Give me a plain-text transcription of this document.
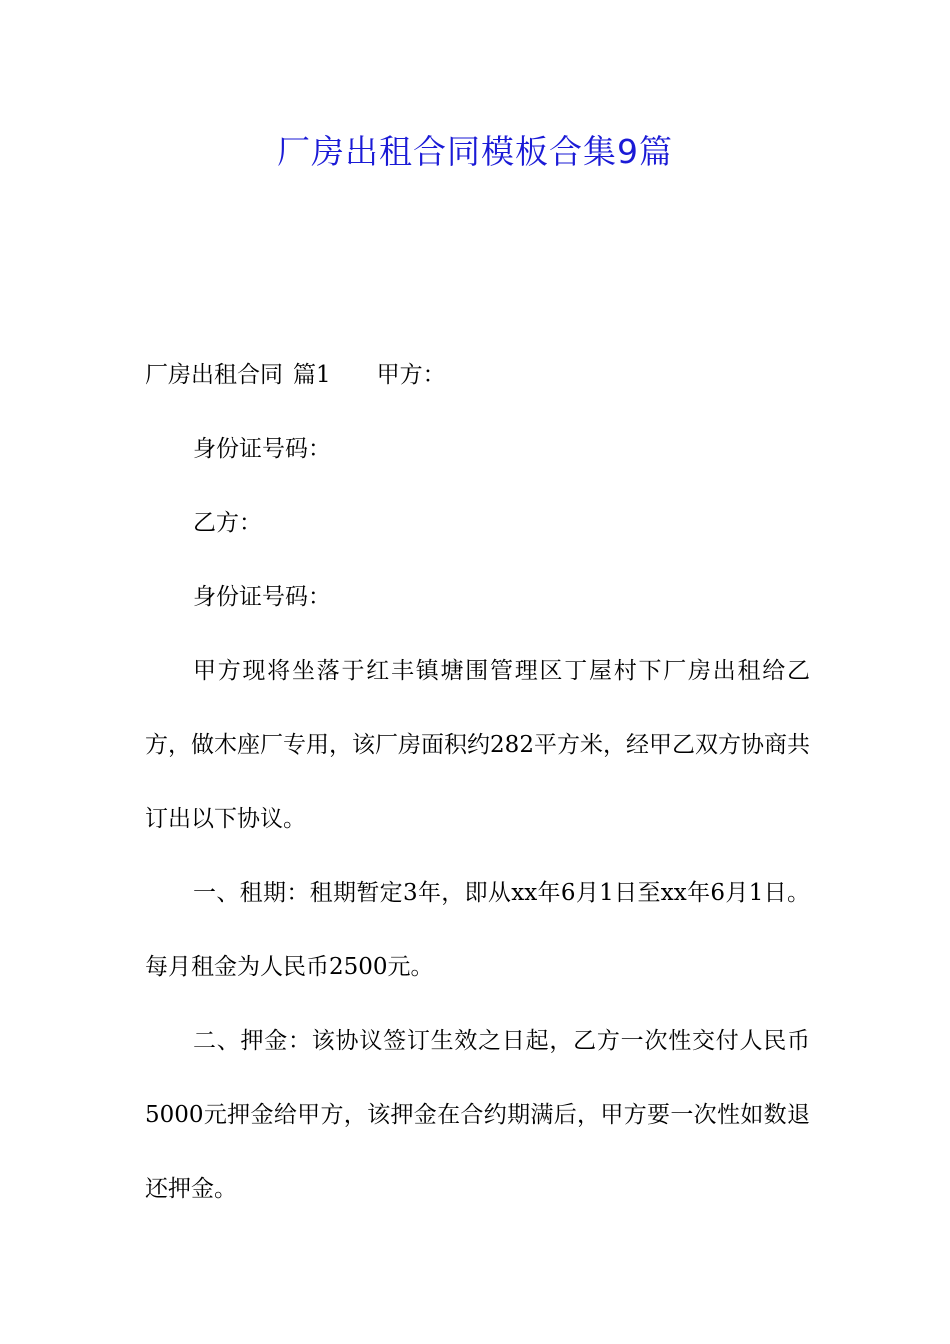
厂房出租合同模板合集9篇

厂房出租合同 篇1 甲方：

身份证号码：

乙方：

身份证号码：

甲方现将坐落于红丰镇塘围管理区丁屋村下厂房出租给乙方，做木座厂专用，该厂房面积约282平方米，经甲乙双方协商共订出以下协议。

一、租期：租期暂定3年，即从xx年6月1日至xx年6月1日。每月租金为人民币2500元。

二、押金：该协议签订生效之日起，乙方一次性交付人民币5000元押金给甲方，该押金在合约期满后，甲方要一次性如数退还押金。
